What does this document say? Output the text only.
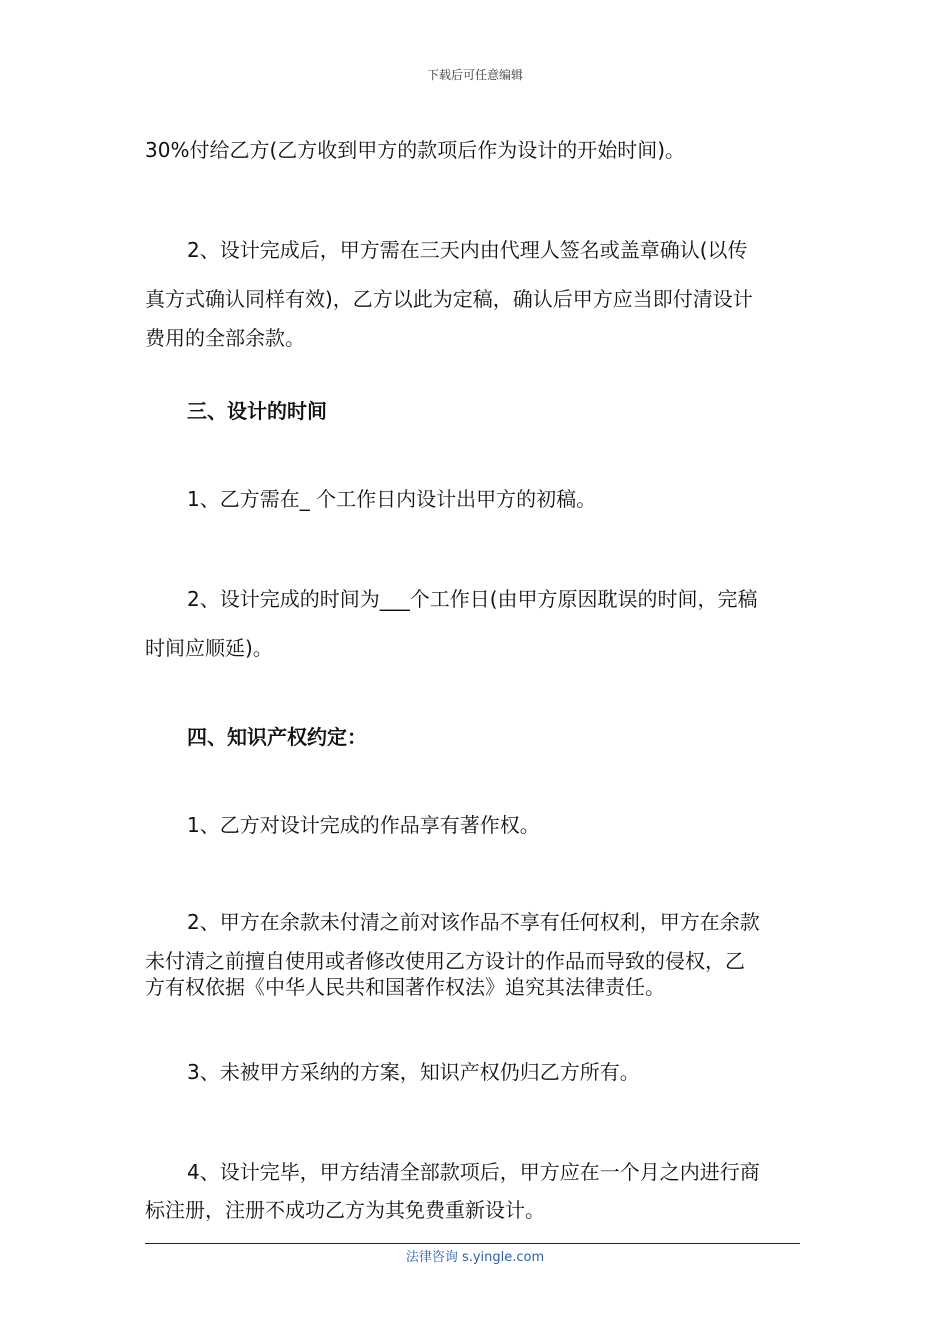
下载后可任意编辑
30%付给乙方(乙方收到甲方的款项后作为设计的开始时间)。
2、设计完成后，甲方需在三天内由代理人签名或盖章确认(以传
真方式确认同样有效)，乙方以此为定稿，确认后甲方应当即付清设计
费用的全部余款。
三、设计的时间
1、乙方需在_ 个工作日内设计出甲方的初稿。
2、设计完成的时间为___个工作日(由甲方原因耽误的时间，完稿
时间应顺延)。
四、知识产权约定：
1、乙方对设计完成的作品享有著作权。
2、甲方在余款未付清之前对该作品不享有任何权利，甲方在余款
未付清之前擅自使用或者修改使用乙方设计的作品而导致的侵权，乙
方有权依据《中华人民共和国著作权法》追究其法律责任。
3、未被甲方采纳的方案，知识产权仍归乙方所有。
4、设计完毕，甲方结清全部款项后，甲方应在一个月之内进行商
标注册，注册不成功乙方为其免费重新设计。
法律咨询 s.yingle.com
